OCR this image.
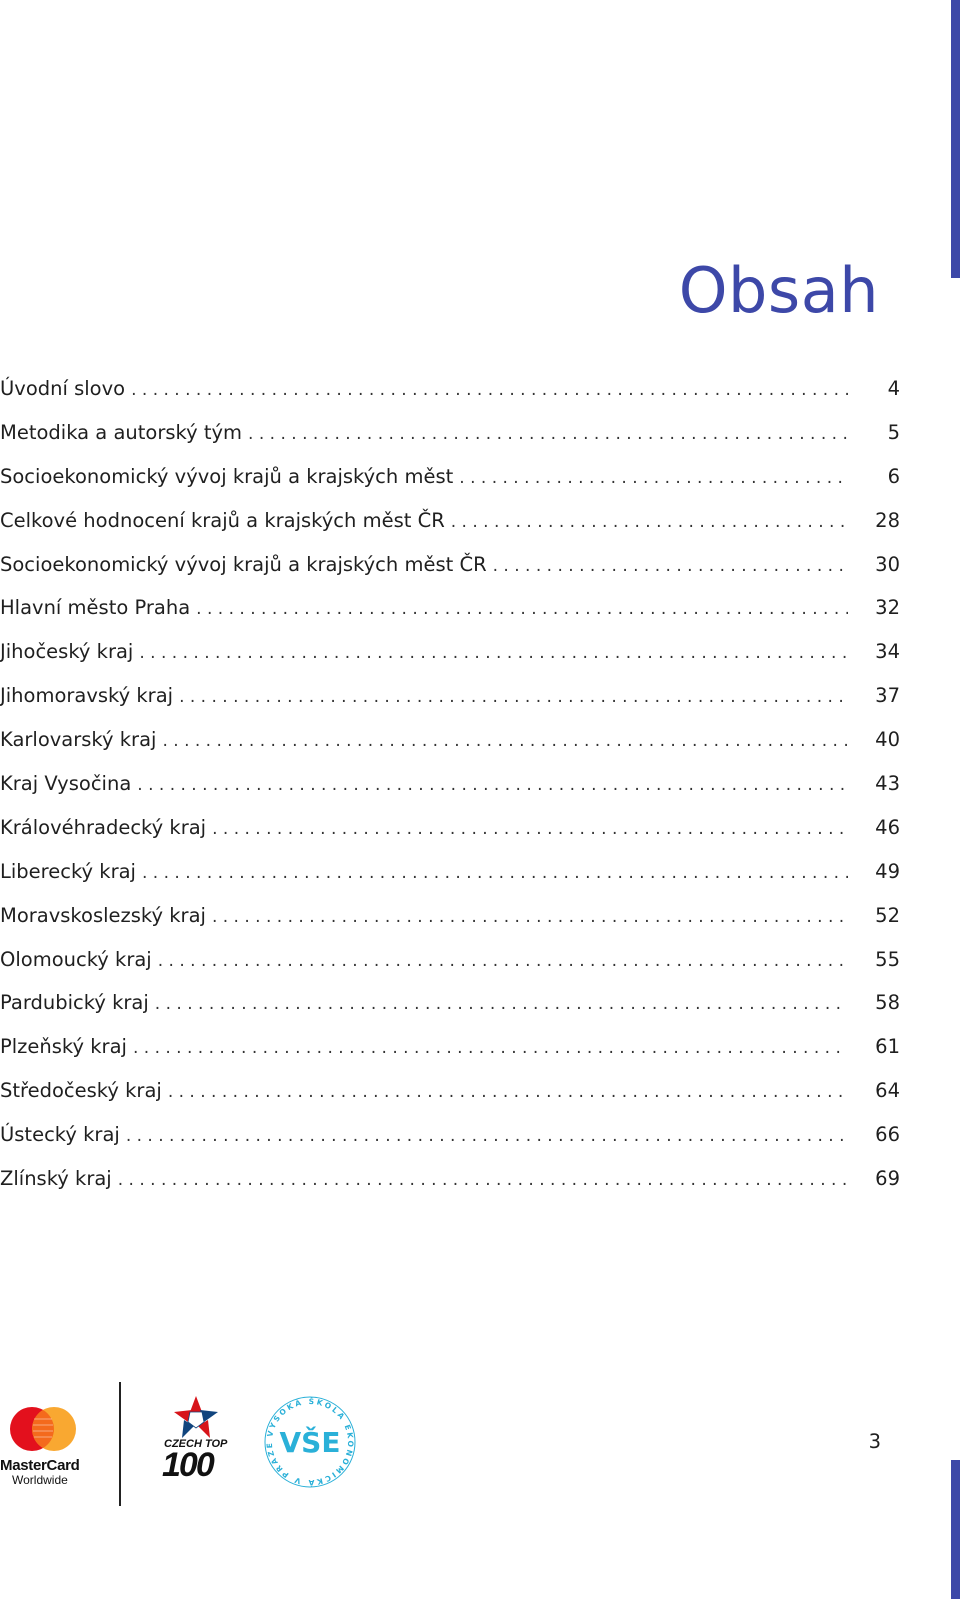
Obsah
Úvodní slovo . . .	4
Metodika a autorský tým . . .	5
Socioekonomický vývoj krajů a krajských měst . . .	6
Celkové hodnocení krajů a krajských měst ČR . . .	28
Socioekonomický vývoj krajů a krajských měst ČR . . .	30
Hlavní město Praha . . .	32
Jihočeský kraj . . .	34
Jihomoravský kraj . . .	37
Karlovarský kraj . . .	40
Kraj Vysočina . . .	43
Královéhradecký kraj . . .	46
Liberecký kraj . . .	49
Moravskoslezský kraj . . .	52
Olomoucký kraj . . .	55
Pardubický kraj . . .	58
Plzeňský kraj . . .	61
Středočeský kraj . . .	64
Ústecký kraj . . .	66
Zlínský kraj . . .	69
MasterCard
Worldwide
CZECH TOP
100
VYSOKÁ ŠKOLA EKONOMICKÁ V PRAZE VŠE	3
